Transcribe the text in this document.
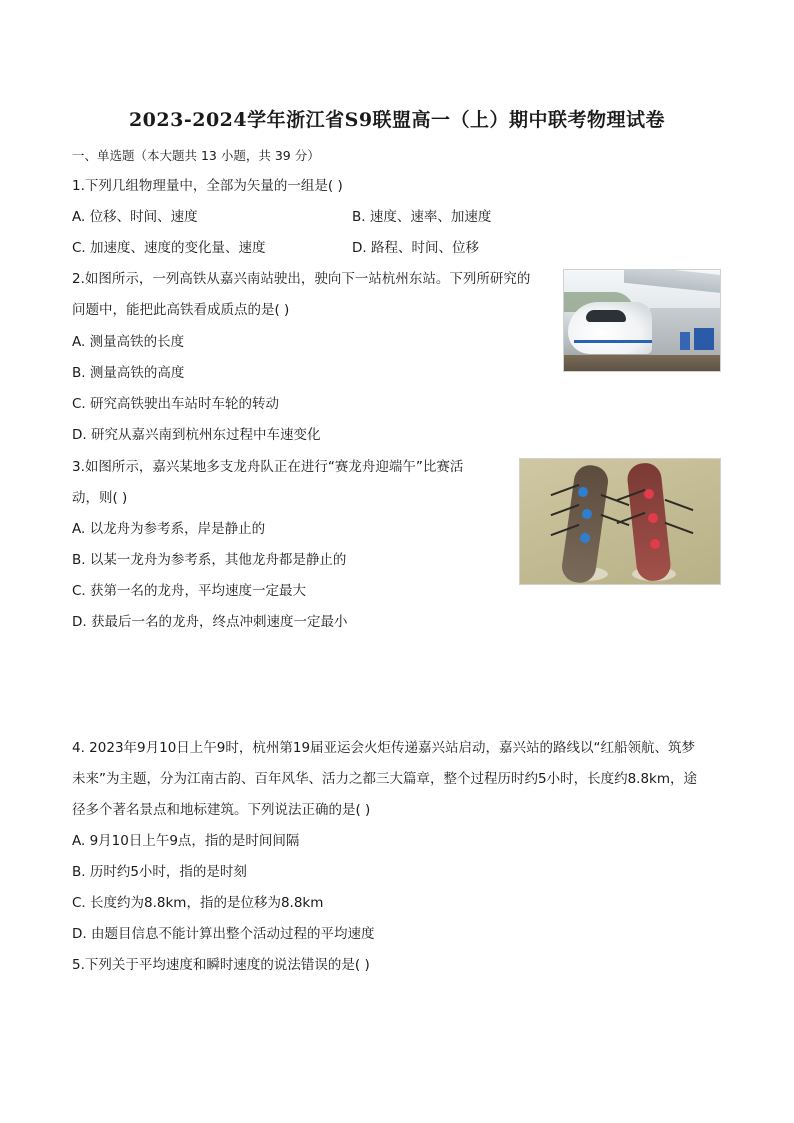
2023-2024学年浙江省S9联盟高一（上）期中联考物理试卷
一、单选题（本大题共 13 小题，共 39 分）
1.下列几组物理量中，全部为矢量的一组是( )
A. 位移、时间、速度	B. 速度、速率、加速度
C. 加速度、速度的变化量、速度	D. 路程、时间、位移
2.如图所示，一列高铁从嘉兴南站驶出，驶向下一站杭州东站。下列所研究的
问题中，能把此高铁看成质点的是( )
A. 测量高铁的长度
B. 测量高铁的高度
C. 研究高铁驶出车站时车轮的转动
D. 研究从嘉兴南到杭州东过程中车速变化
3.如图所示，嘉兴某地多支龙舟队正在进行“赛龙舟迎端午”比赛活
动，则( )
A. 以龙舟为参考系，岸是静止的
B. 以某一龙舟为参考系，其他龙舟都是静止的
C. 获第一名的龙舟，平均速度一定最大
D. 获最后一名的龙舟，终点冲刺速度一定最小
4. 2023年9月10日上午9时，杭州第19届亚运会火炬传递嘉兴站启动，嘉兴站的路线以“红船领航、筑梦
未来”为主题，分为江南古韵、百年风华、活力之都三大篇章，整个过程历时约5小时，长度约8.8km，途
径多个著名景点和地标建筑。下列说法正确的是( )
A. 9月10日上午9点，指的是时间间隔
B. 历时约5小时，指的是时刻
C. 长度约为8.8km，指的是位移为8.8km
D. 由题目信息不能计算出整个活动过程的平均速度
5.下列关于平均速度和瞬时速度的说法错误的是( )
